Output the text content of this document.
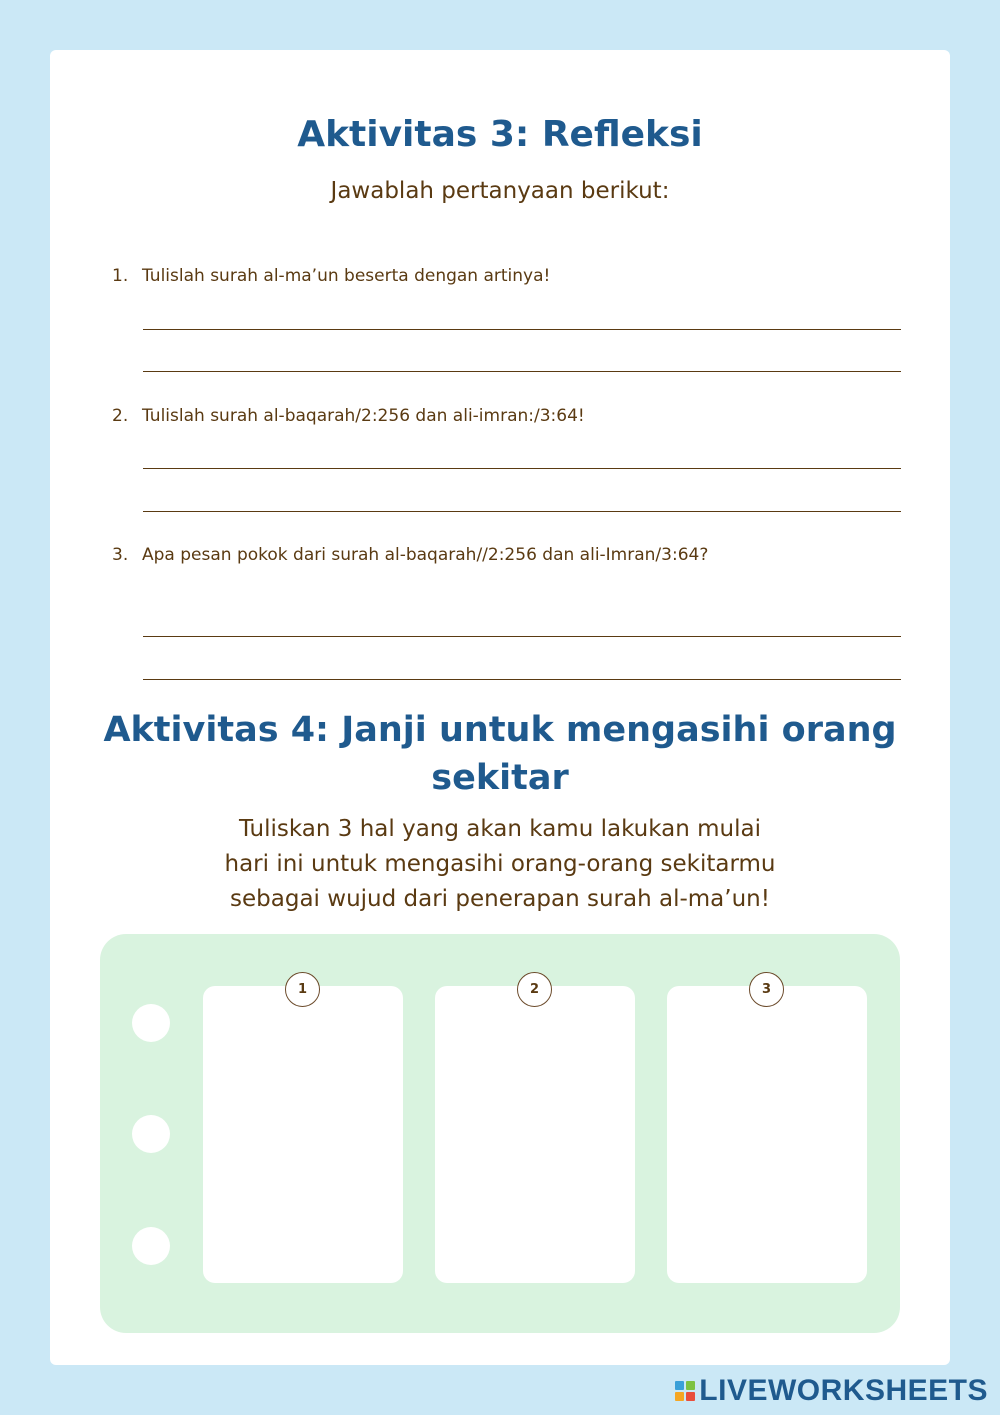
Aktivitas 3: Refleksi

Jawablah pertanyaan berikut:

1. Tulislah surah al-ma’un beserta dengan artinya!

2. Tulislah surah al-baqarah/2:256 dan ali-imran:/3:64!

3. Apa pesan pokok dari surah al-baqarah//2:256 dan ali-Imran/3:64?

Aktivitas 4: Janji untuk mengasihi orang
sekitar

Tuliskan 3 hal yang akan kamu lakukan mulai
hari ini untuk mengasihi orang-orang sekitarmu
sebagai wujud dari penerapan surah al-ma’un!

1	2	3
LIVEWORKSHEETS
